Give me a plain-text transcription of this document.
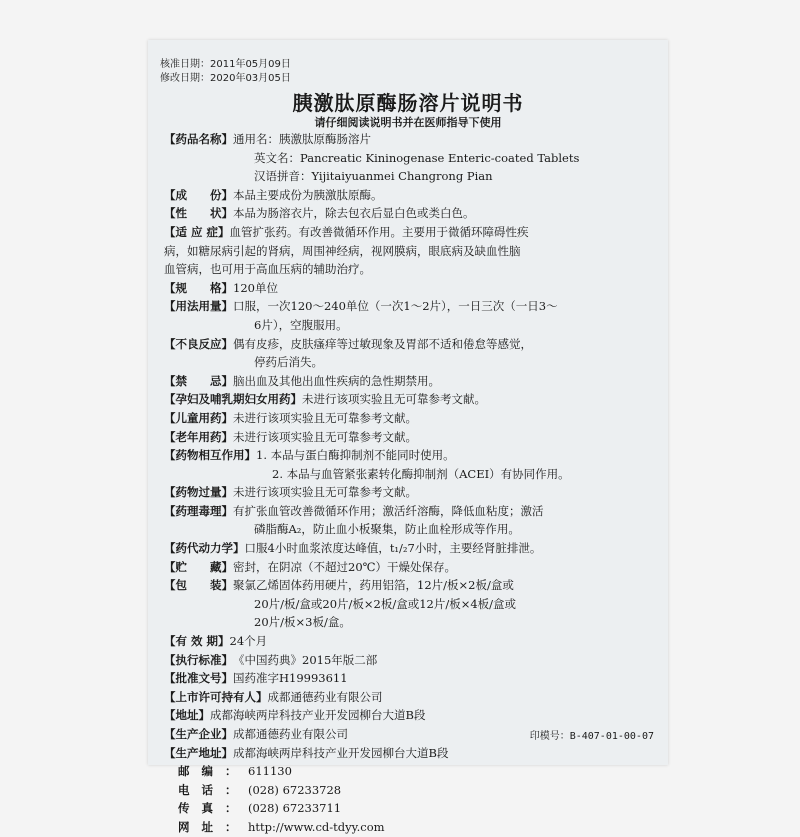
核准日期：2011年05月09日
修改日期：2020年03月05日
胰激肽原酶肠溶片说明书
请仔细阅读说明书并在医师指导下使用
【药品名称】 通用名：胰激肽原酶肠溶片
英文名：Pancreatic Kininogenase Enteric-coated Tablets
汉语拼音：Yijitaiyuanmei Changrong Pian
【成　　份】 本品主要成份为胰激肽原酶。
【性　　状】 本品为肠溶衣片，除去包衣后显白色或类白色。
【适 应 症】 血管扩张药。有改善微循环作用。主要用于微循环障碍性疾
病，如糖尿病引起的肾病，周围神经病，视网膜病，眼底病及缺血性脑
血管病，也可用于高血压病的辅助治疗。
【规　　格】 120单位
【用法用量】 口服，一次120～240单位（一次1～2片），一日三次（一日3～
6片），空腹服用。
【不良反应】 偶有皮疹，皮肤瘙痒等过敏现象及胃部不适和倦怠等感觉，
停药后消失。
【禁　　忌】 脑出血及其他出血性疾病的急性期禁用。
【孕妇及哺乳期妇女用药】 未进行该项实验且无可靠参考文献。
【儿童用药】 未进行该项实验且无可靠参考文献。
【老年用药】 未进行该项实验且无可靠参考文献。
【药物相互作用】 1. 本品与蛋白酶抑制剂不能同时使用。
2. 本品与血管紧张素转化酶抑制剂（ACEI）有协同作用。
【药物过量】 未进行该项实验且无可靠参考文献。
【药理毒理】 有扩张血管改善微循环作用；激活纤溶酶，降低血粘度；激活
磷脂酶A₂，防止血小板聚集，防止血栓形成等作用。
【药代动力学】 口服4小时血浆浓度达峰值，t₁/₂7小时，主要经肾脏排泄。
【贮　　藏】 密封，在阴凉（不超过20℃）干燥处保存。
【包　　装】 聚氯乙烯固体药用硬片，药用铝箔，12片/板×2板/盒或
20片/板/盒或20片/板×2板/盒或12片/板×4板/盒或
20片/板×3板/盒。
【有 效 期】 24个月
【执行标准】 《中国药典》2015年版二部
【批准文号】 国药准字H19993611
【上市许可持有人】 成都通德药业有限公司
【地址】 成都海峡两岸科技产业开发园柳台大道B段
【生产企业】 成都通德药业有限公司
【生产地址】 成都海峡两岸科技产业开发园柳台大道B段
邮编： 611130
电话： (028) 67233728
传真： (028) 67233711
网址： http://www.cd-tdyy.com
印模号：B-407-01-00-07
